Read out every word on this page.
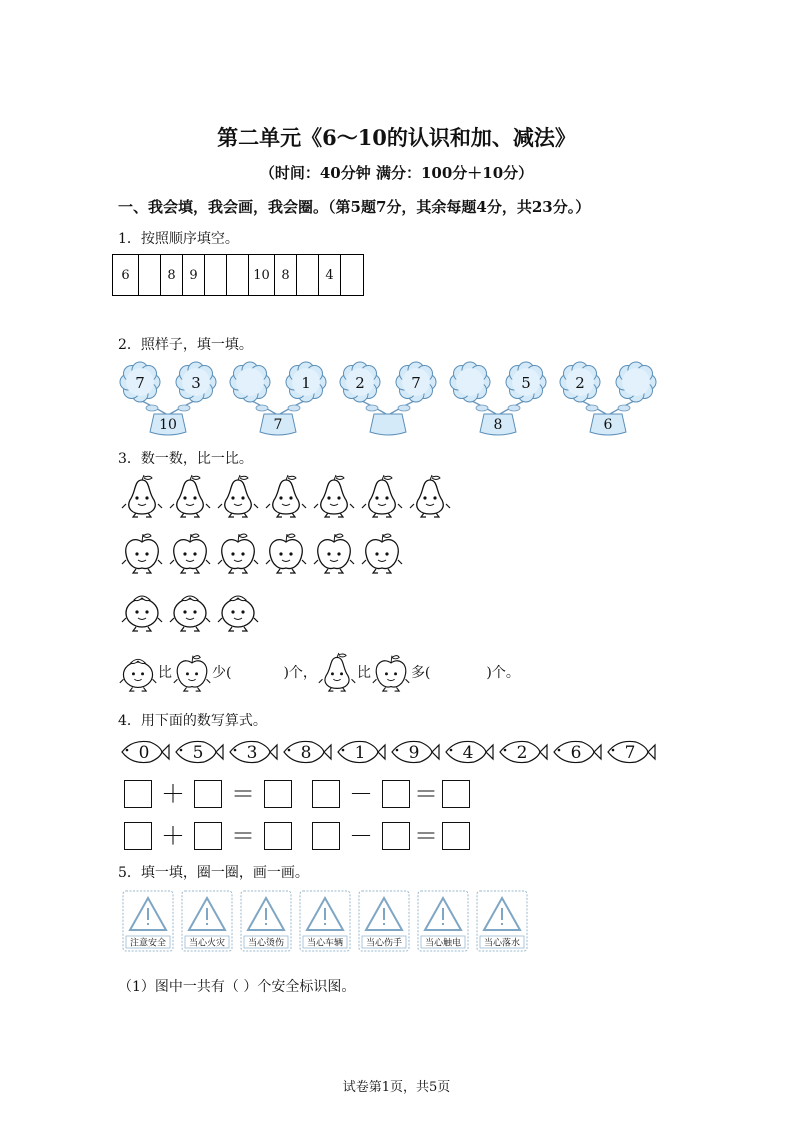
第二单元《6～10的认识和加、减法》
（时间：40分钟 满分：100分＋10分）
一、我会填，我会画，我会圈。（第5题7分，其余每题4分，共23分。）
1．按照顺序填空。
6	8	9	10 8	4
2．照样子，填一填。
7	3
10
1
7
2	7	5
8
2
6
3．数一数，比一比。
比	少(	)个，	比	多(	)个。
4．用下面的数写算式。
0	5	3	8	1	9	4	2	6	7
＋	＝	－	＝
＋	＝	－	＝
5．填一填，圈一圈，画一画。
注意安全	当心火灾	当心烫伤	当心车辆	当心伤手	当心触电	当心落水
（1）图中一共有（ ）个安全标识图。
试卷第1页，共5页
